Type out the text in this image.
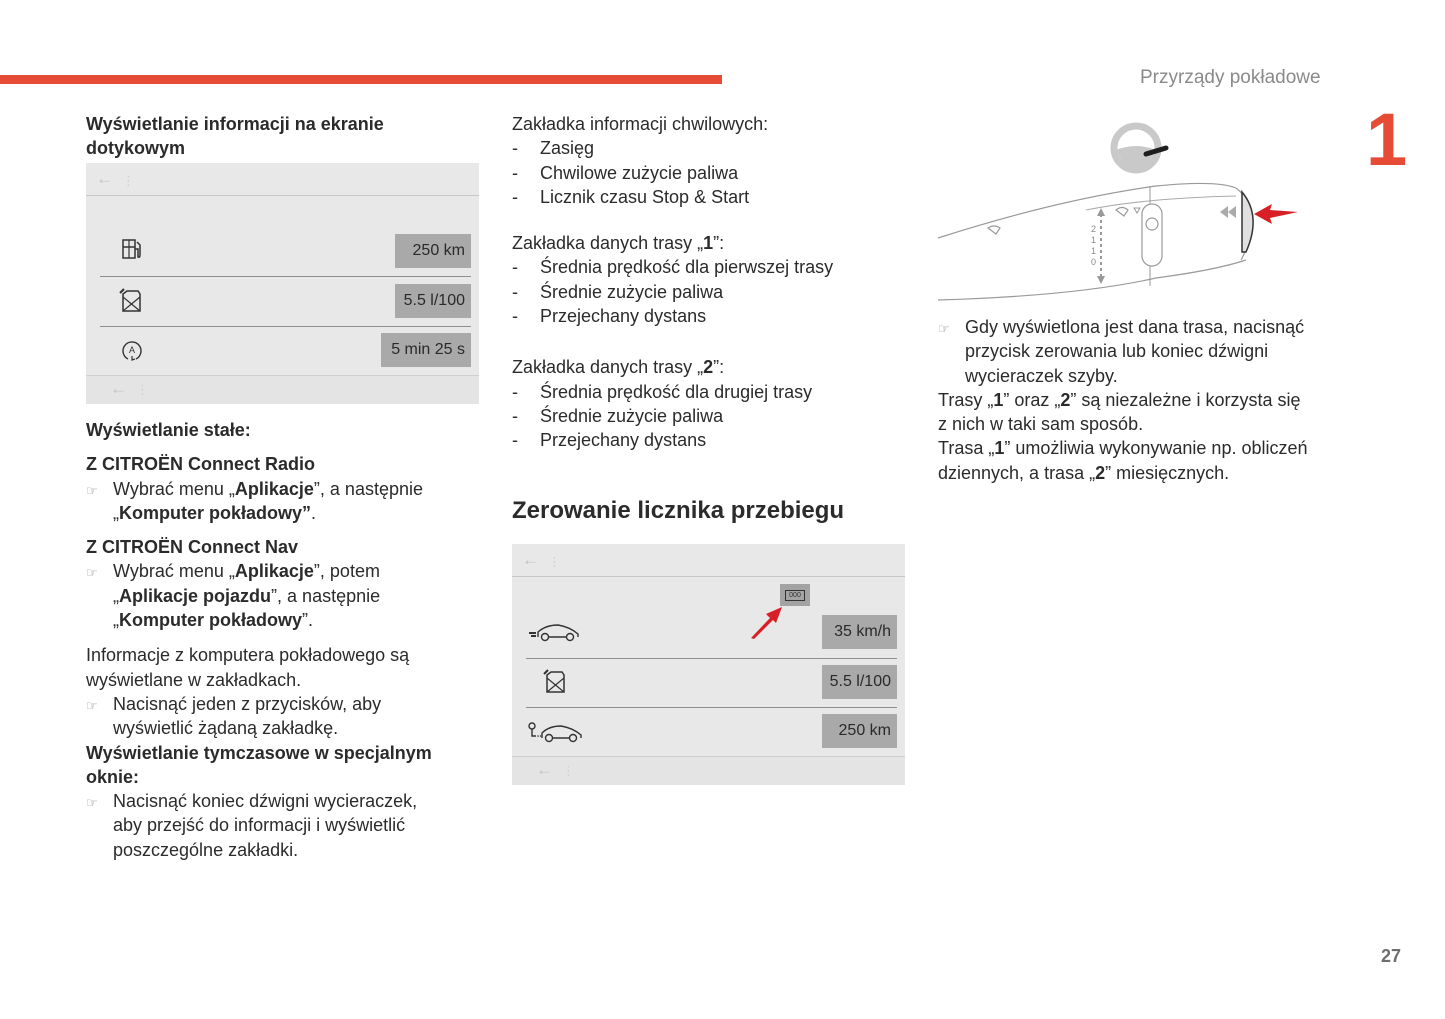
Przyrządy pokładowe
1

Wyświetlanie informacji na ekranie

dotykowym

← ⋮
250 km
5.5 l/100
A	5 min 25 s
← ⋮

Wyświetlanie stałe:

Z CITROËN Connect Radio

☞ Wybrać menu „Aplikacje”, a następnie
„Komputer pokładowy”.

Z CITROËN Connect Nav

☞ Wybrać menu „Aplikacje”, potem
„Aplikacje pojazdu”, a następnie
„Komputer pokładowy”.

Informacje z komputera pokładowego są

wyświetlane w zakładkach.

☞ Nacisnąć jeden z przycisków, aby
wyświetlić żądaną zakładkę.

Wyświetlanie tymczasowe w specjalnym

oknie:

☞ Nacisnąć koniec dźwigni wycieraczek,
aby przejść do informacji i wyświetlić
poszczególne zakładki.

Zakładka informacji chwilowych:

- Zasięg
- Chwilowe zużycie paliwa
- Licznik czasu Stop & Start

Zakładka danych trasy „1”:

- Średnia prędkość dla pierwszej trasy
- Średnie zużycie paliwa
- Przejechany dystans

Zakładka danych trasy „2”:

- Średnia prędkość dla drugiej trasy
- Średnie zużycie paliwa
- Przejechany dystans
Zerowanie licznika przebiegu
← ⋮
000
35 km/h
5.5 l/100
250 km
← ⋮
2
1
1
0
☞ Gdy wyświetlona jest dana trasa, nacisnąć
przycisk zerowania lub koniec dźwigni
wycieraczek szyby.

Trasy „1” oraz „2” są niezależne i korzysta się
z nich w taki sam sposób.

Trasa „1” umożliwia wykonywanie np. obliczeń
dziennych, a trasa „2” miesięcznych.

27
